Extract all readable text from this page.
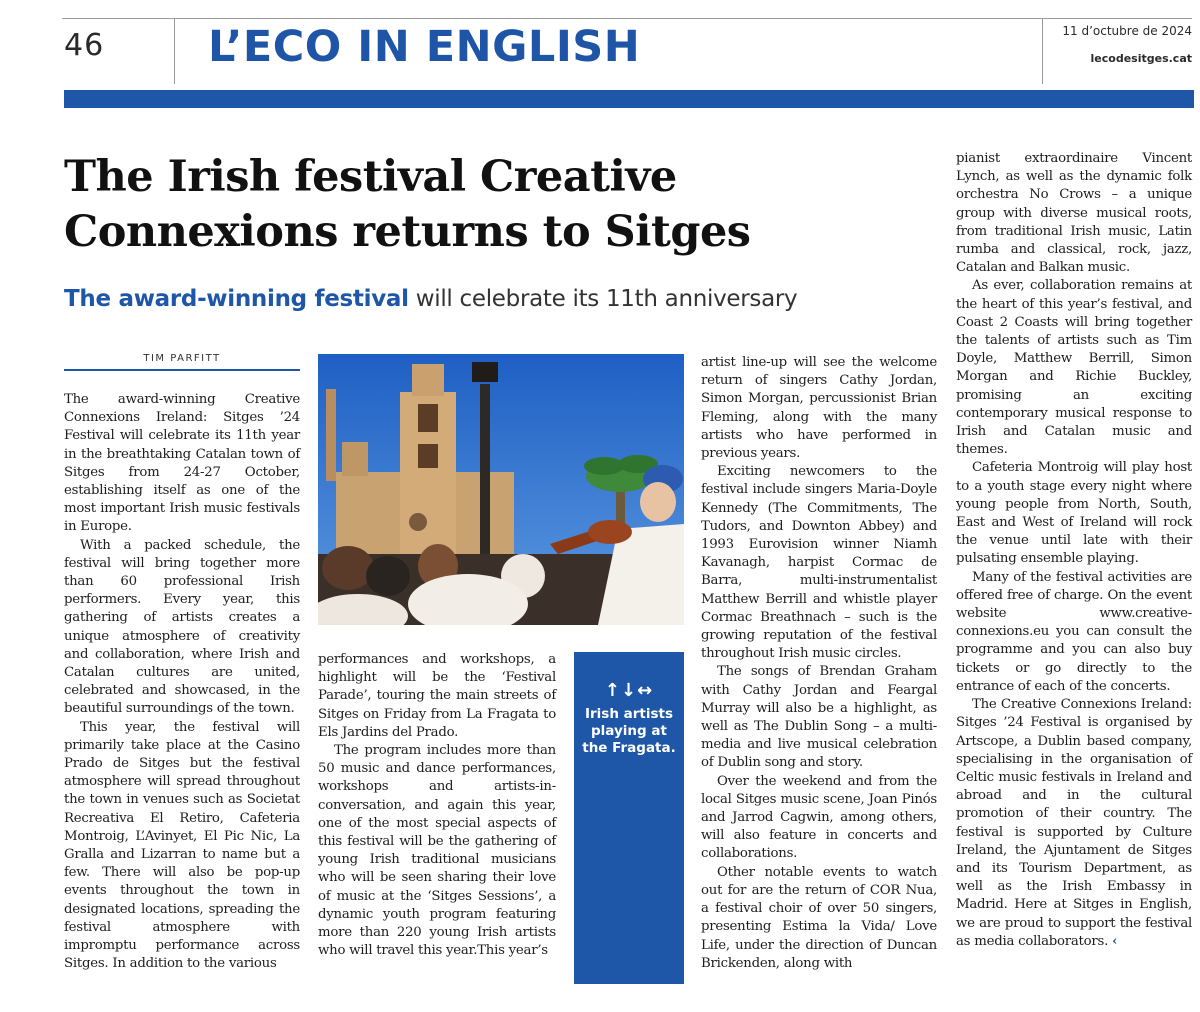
46 L’ECO IN ENGLISH	11 d’octubre de 2024
lecodesitges.cat
The Irish festival Creative Connexions returns to Sitges
The award-winning festival will celebrate its 11th anniversary
TIM PARFITT

The award-winning Creative Connexions Ireland: Sitges ’24 Festival will celebrate its 11th year in the breathtaking Catalan town of Sitges from 24-27 October, establishing itself as one of the most important Irish music festivals in Europe.

With a packed schedule, the festival will bring together more than 60 professional Irish performers. Every year, this gathering of artists creates a unique atmosphere of creativity and collaboration, where Irish and Catalan cultures are united, celebrated and showcased, in the beautiful surroundings of the town.

This year, the festival will primarily take place at the Casino Prado de Sitges but the festival atmosphere will spread throughout the town in venues such as Societat Recreativa El Retiro, Cafeteria Montroig, L’Avinyet, El Pic Nic, La Gralla and Lizarran to name but a few. There will also be pop-up events throughout the town in designated locations, spreading the festival atmosphere with impromptu performance across Sitges. In addition to the various

performances and workshops, a highlight will be the ‘Festival Parade’, touring the main streets of Sitges on Friday from La Fragata to Els Jardins del Prado.

The program includes more than 50 music and dance performances, workshops and artists-in-conversation, and again this year, one of the most special aspects of this festival will be the gathering of young Irish traditional musicians who will be seen sharing their love of music at the ‘Sitges Sessions’, a dynamic youth program featuring more than 220 young Irish artists who will travel this year.This year’s

↑↓↔
Irish artists playing at the Fragata.

artist line-up will see the welcome return of singers Cathy Jordan, Simon Morgan, percussionist Brian Fleming, along with the many artists who have performed in previous years.

Exciting newcomers to the festival include singers Maria-Doyle Kennedy (The Commitments, The Tudors, and Downton Abbey) and 1993 Eurovision winner Niamh Kavanagh, harpist Cormac de Barra, multi-instrumentalist Matthew Berrill and whistle player Cormac Breathnach – such is the growing reputation of the festival throughout Irish music circles.

The songs of Brendan Graham with Cathy Jordan and Feargal Murray will also be a highlight, as well as The Dublin Song – a multi-media and live musical celebration of Dublin song and story.

Over the weekend and from the local Sitges music scene, Joan Pinós and Jarrod Cagwin, among others, will also feature in concerts and collaborations.

Other notable events to watch out for are the return of COR Nua, a festival choir of over 50 singers, presenting Estima la Vida/ Love Life, under the direction of Duncan Brickenden, along with

pianist extraordinaire Vincent Lynch, as well as the dynamic folk orchestra No Crows – a unique group with diverse musical roots, from traditional Irish music, Latin rumba and classical, rock, jazz, Catalan and Balkan music.

As ever, collaboration remains at the heart of this year’s festival, and Coast 2 Coasts will bring together the talents of artists such as Tim Doyle, Matthew Berrill, Simon Morgan and Richie Buckley, promising an exciting contemporary musical response to Irish and Catalan music and themes.

Cafeteria Montroig will play host to a youth stage every night where young people from North, South, East and West of Ireland will rock the venue until late with their pulsating ensemble playing.

Many of the festival activities are offered free of charge. On the event website www.creative-connexions.eu you can consult the programme and you can also buy tickets or go directly to the entrance of each of the concerts.

The Creative Connexions Ireland: Sitges ’24 Festival is organised by Artscope, a Dublin based company, specialising in the organisation of Celtic music festivals in Ireland and abroad and in the cultural promotion of their country. The festival is supported by Culture Ireland, the Ajuntament de Sitges and its Tourism Department, as well as the Irish Embassy in Madrid. Here at Sitges in English, we are proud to support the festival as media collaborators. ‹
